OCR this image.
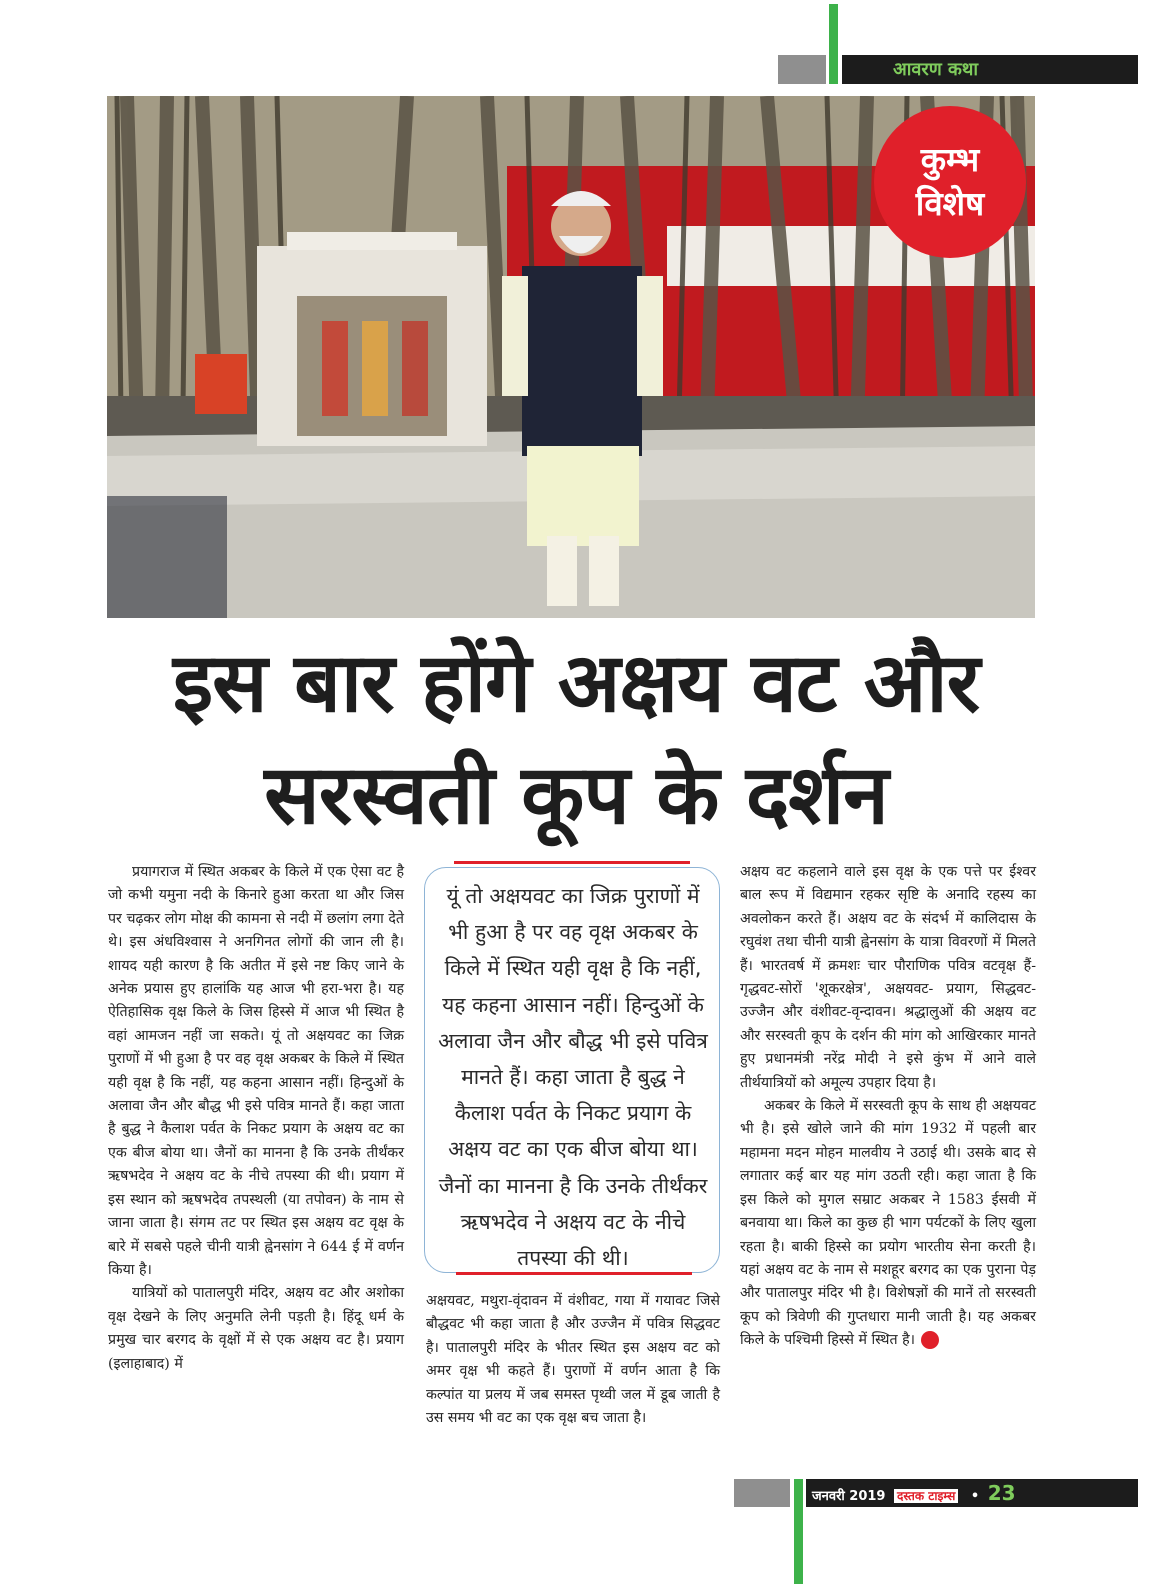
आवरण कथा
कुम्भ
विशेष
इस बार होंगे अक्षय वट और
सरस्वती कूप के दर्शन

प्रयागराज में स्थित अकबर के किले में एक ऐसा वट है जो कभी यमुना नदी के किनारे हुआ करता था और जिस पर चढ़कर लोग मोक्ष की कामना से नदी में छलांग लगा देते थे। इस अंधविश्वास ने अनगिनत लोगों की जान ली है। शायद यही कारण है कि अतीत में इसे नष्ट किए जाने के अनेक प्रयास हुए हालांकि यह आज भी हरा-भरा है। यह ऐतिहासिक वृक्ष किले के जिस हिस्से में आज भी स्थित है वहां आमजन नहीं जा सकते। यूं तो अक्षयवट का जिक्र पुराणों में भी हुआ है पर वह वृक्ष अकबर के किले में स्थित यही वृक्ष है कि नहीं, यह कहना आसान नहीं। हिन्दुओं के अलावा जैन और बौद्ध भी इसे पवित्र मानते हैं। कहा जाता है बुद्ध ने कैलाश पर्वत के निकट प्रयाग के अक्षय वट का एक बीज बोया था। जैनों का मानना है कि उनके तीर्थंकर ऋषभदेव ने अक्षय वट के नीचे तपस्या की थी। प्रयाग में इस स्थान को ऋषभदेव तपस्थली (या तपोवन) के नाम से जाना जाता है। संगम तट पर स्थित इस अक्षय वट वृक्ष के बारे में सबसे पहले चीनी यात्री ह्वेनसांग ने 644 ई में वर्णन किया है।

यात्रियों को पातालपुरी मंदिर, अक्षय वट और अशोका वृक्ष देखने के लिए अनुमति लेनी पड़ती है। हिंदू धर्म के प्रमुख चार बरगद के वृक्षों में से एक अक्षय वट है। प्रयाग (इलाहाबाद) में

यूं तो अक्षयवट का जिक्र पुराणों में भी हुआ है पर वह वृक्ष अकबर के किले में स्थित यही वृक्ष है कि नहीं, यह कहना आसान नहीं। हिन्दुओं के अलावा जैन और बौद्ध भी इसे पवित्र मानते हैं। कहा जाता है बुद्ध ने कैलाश पर्वत के निकट प्रयाग के अक्षय वट का एक बीज बोया था। जैनों का मानना है कि उनके तीर्थंकर ऋषभदेव ने अक्षय वट के नीचे तपस्या की थी।

अक्षयवट, मथुरा-वृंदावन में वंशीवट, गया में गयावट जिसे बौद्धवट भी कहा जाता है और उज्जैन में पवित्र सिद्धवट है। पातालपुरी मंदिर के भीतर स्थित इस अक्षय वट को अमर वृक्ष भी कहते हैं। पुराणों में वर्णन आता है कि कल्पांत या प्रलय में जब समस्त पृथ्वी जल में डूब जाती है उस समय भी वट का एक वृक्ष बच जाता है।

अक्षय वट कहलाने वाले इस वृक्ष के एक पत्ते पर ईश्वर बाल रूप में विद्यमान रहकर सृष्टि के अनादि रहस्य का अवलोकन करते हैं। अक्षय वट के संदर्भ में कालिदास के रघुवंश तथा चीनी यात्री ह्वेनसांग के यात्रा विवरणों में मिलते हैं। भारतवर्ष में क्रमशः चार पौराणिक पवित्र वटवृक्ष हैं-गृद्धवट-सोरों 'शूकरक्षेत्र', अक्षयवट- प्रयाग, सिद्धवट-उज्जैन और वंशीवट-वृन्दावन। श्रद्धालुओं की अक्षय वट और सरस्वती कूप के दर्शन की मांग को आखिरकार मानते हुए प्रधानमंत्री नरेंद्र मोदी ने इसे कुंभ में आने वाले तीर्थयात्रियों को अमूल्य उपहार दिया है।

अकबर के किले में सरस्वती कूप के साथ ही अक्षयवट भी है। इसे खोले जाने की मांग 1932 में पहली बार महामना मदन मोहन मालवीय ने उठाई थी। उसके बाद से लगातार कई बार यह मांग उठती रही। कहा जाता है कि इस किले को मुगल सम्राट अकबर ने 1583 ईसवी में बनवाया था। किले का कुछ ही भाग पर्यटकों के लिए खुला रहता है। बाकी हिस्से का प्रयोग भारतीय सेना करती है। यहां अक्षय वट के नाम से मशहूर बरगद का एक पुराना पेड़ और पातालपुर मंदिर भी है। विशेषज्ञों की मानें तो सरस्वती कूप को त्रिवेणी की गुप्तधारा मानी जाती है। यह अकबर किले के पश्चिमी हिस्से में स्थित है।

जनवरी 2019 दस्तक टाइम्स • 23
